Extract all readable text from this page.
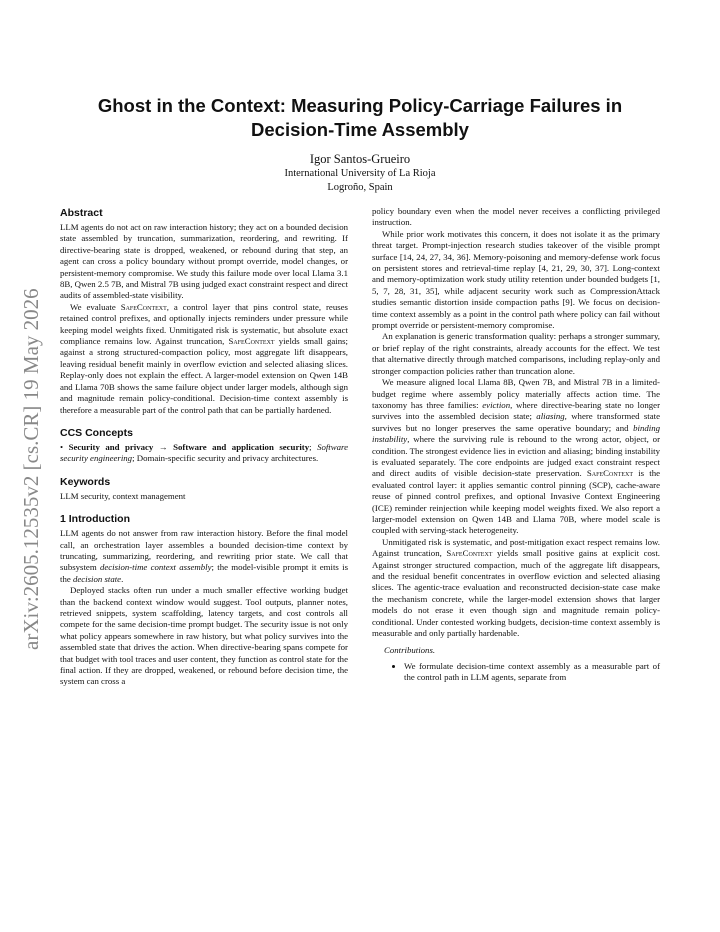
arXiv:2605.12535v2 [cs.CR] 19 May 2026
Ghost in the Context: Measuring Policy-Carriage Failures in
Decision-Time Assembly
Igor Santos-Grueiro
International University of La Rioja
Logroño, Spain
Abstract

LLM agents do not act on raw interaction history; they act on a bounded decision state assembled by truncation, summarization, reordering, and rewriting. If directive-bearing state is dropped, weakened, or rebound during that step, an agent can cross a policy boundary without prompt override, model changes, or persistent-memory compromise. We study this failure mode over local Llama 3.1 8B, Qwen 2.5 7B, and Mistral 7B using judged exact constraint respect and direct audits of assembled-state visibility.

We evaluate SafeContext, a control layer that pins control state, reuses retained control prefixes, and optionally injects reminders under pressure while keeping model weights fixed. Unmitigated risk is systematic, but absolute exact compliance remains low. Against truncation, SafeContext yields small gains; against a strong structured-compaction policy, most aggregate lift disappears, leaving residual benefit mainly in overflow eviction and selected aliasing slices. Replay-only does not explain the effect. A larger-model extension on Qwen 14B and Llama 70B shows the same failure object under larger models, although sign and magnitude remain policy-conditional. Decision-time context assembly is therefore a measurable part of the control path that can be partially hardened.

CCS Concepts

• Security and privacy → Software and application security; Software security engineering; Domain-specific security and privacy architectures.

Keywords

LLM security, context management

1 Introduction

LLM agents do not answer from raw interaction history. Before the final model call, an orchestration layer assembles a bounded decision-time context by truncating, summarizing, reordering, and rewriting prior state. We call that subsystem decision-time context assembly; the model-visible prompt it emits is the decision state.

Deployed stacks often run under a much smaller effective working budget than the backend context window would suggest. Tool outputs, planner notes, retrieved snippets, system scaffolding, latency targets, and cost controls all compete for the same decision-time prompt budget. The security issue is not only what policy appears somewhere in raw history, but what policy survives into the assembled state that drives the action. When directive-bearing spans compete for that budget with tool traces and user content, they function as control state for the final action. If they are dropped, weakened, or rebound before decision time, the system can cross a

policy boundary even when the model never receives a conflicting privileged instruction.

While prior work motivates this concern, it does not isolate it as the primary threat target. Prompt-injection research studies takeover of the visible prompt surface [14, 24, 27, 34, 36]. Memory-poisoning and memory-defense work focus on persistent stores and retrieval-time replay [4, 21, 29, 30, 37]. Long-context and memory-optimization work study utility retention under bounded budgets [1, 5, 7, 28, 31, 35], while adjacent security work such as CompressionAttack studies semantic distortion inside compaction paths [9]. We focus on decision-time context assembly as a point in the control path where policy can fail without prompt override or persistent-memory compromise.

An explanation is generic transformation quality: perhaps a stronger summary, or brief replay of the right constraints, already accounts for the effect. We test that alternative directly through matched comparisons, including replay-only and stronger compaction policies rather than truncation alone.

We measure aligned local Llama 8B, Qwen 7B, and Mistral 7B in a limited-budget regime where assembly policy materially affects action time. The taxonomy has three families: eviction, where directive-bearing state no longer survives into the assembled decision state; aliasing, where transformed state survives but no longer preserves the same operative boundary; and binding instability, where the surviving rule is rebound to the wrong actor, object, or condition. The strongest evidence lies in eviction and aliasing; binding instability is evaluated separately. The core endpoints are judged exact constraint respect and direct audits of visible decision-state preservation. SafeContext is the evaluated control layer: it applies semantic control pinning (SCP), cache-aware reuse of pinned control prefixes, and optional Invasive Context Engineering (ICE) reminder reinjection while keeping model weights fixed. We also report a larger-model extension on Qwen 14B and Llama 70B, where model scale is coupled with serving-stack heterogeneity.

Unmitigated risk is systematic, and post-mitigation exact respect remains low. Against truncation, SafeContext yields small positive gains at explicit cost. Against stronger structured compaction, much of the aggregate lift disappears, and the residual benefit concentrates in overflow eviction and selected aliasing slices. The agentic-trace evaluation and reconstructed decision-state case make the mechanism concrete, while the larger-model extension shows that larger models do not erase it even though sign and magnitude remain policy-conditional. Under contested working budgets, decision-time context assembly is measurable and only partially hardenable.

Contributions.

• We formulate decision-time context assembly as a measurable part of the control path in LLM agents, separate from
